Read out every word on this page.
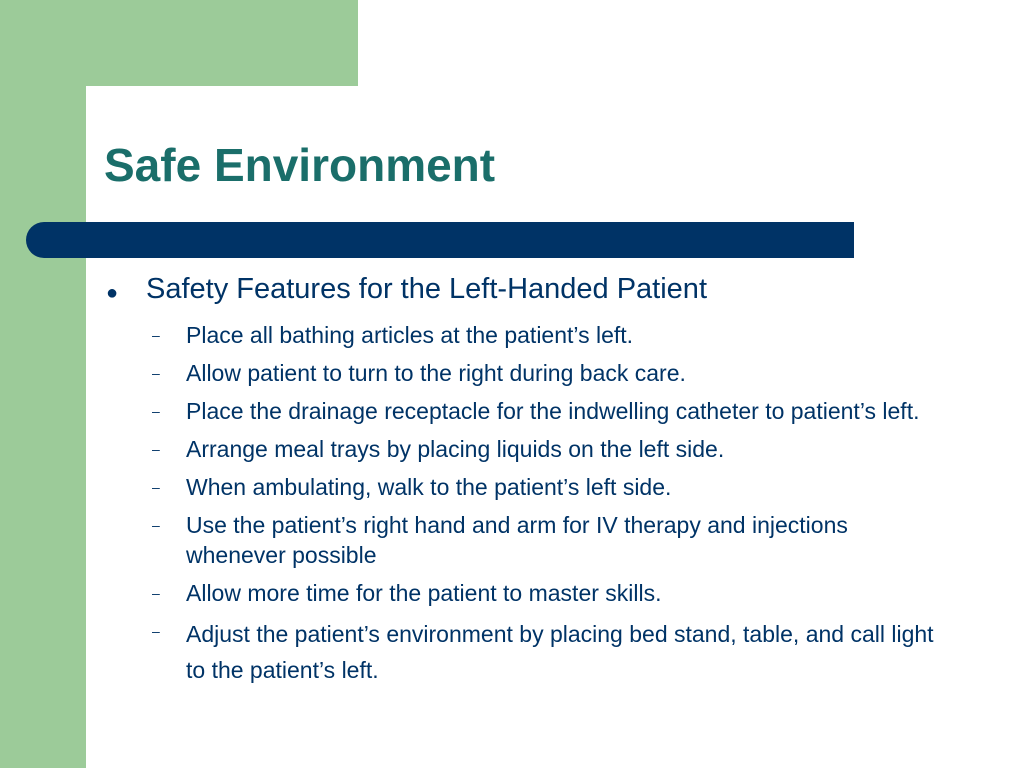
Safe Environment
● Safety Features for the Left-Handed Patient
–	Place all bathing articles at the patient’s left.
–	Allow patient to turn to the right during back care.
–	Place the drainage receptacle for the indwelling catheter to patient’s left.
–	Arrange meal trays by placing liquids on the left side.
–	When ambulating, walk to the patient’s left side.
–	Use the patient’s right hand and arm for IV therapy and injections whenever possible
–	Allow more time for the patient to master skills.
–	Adjust the patient’s environment by placing bed stand, table, and call light to the patient’s left.
